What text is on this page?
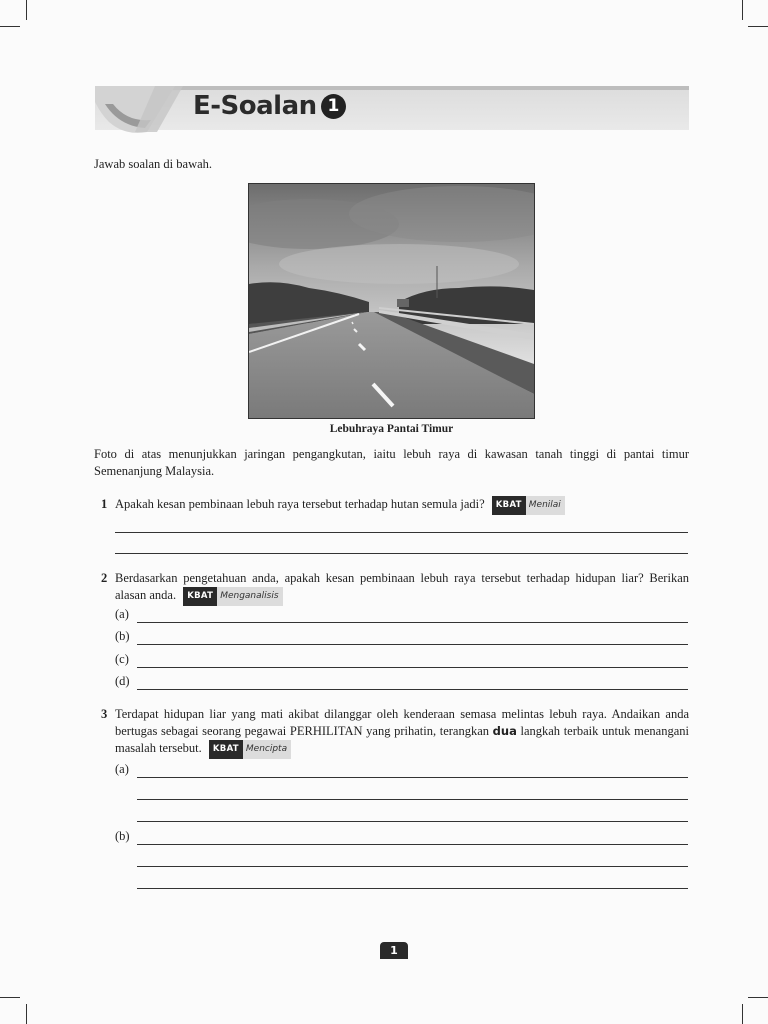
E-Soalan 1
Jawab soalan di bawah.
Lebuhraya Pantai Timur
Foto di atas menunjukkan jaringan pengangkutan, iaitu lebuh raya di kawasan tanah tinggi di pantai timur Semenanjung Malaysia.
1 Apakah kesan pembinaan lebuh raya tersebut terhadap hutan semula jadi?	KBAT Menilai
2 Berdasarkan pengetahuan anda, apakah kesan pembinaan lebuh raya tersebut terhadap hidupan liar? Berikan alasan anda.	KBAT Menganalisis
(a)
(b)
(c)
(d)
3 Terdapat hidupan liar yang mati akibat dilanggar oleh kenderaan semasa melintas lebuh raya. Andaikan anda bertugas sebagai seorang pegawai PERHILITAN yang prihatin, terangkan dua langkah terbaik untuk menangani masalah tersebut.	KBAT Mencipta
(a)
(b)
1
